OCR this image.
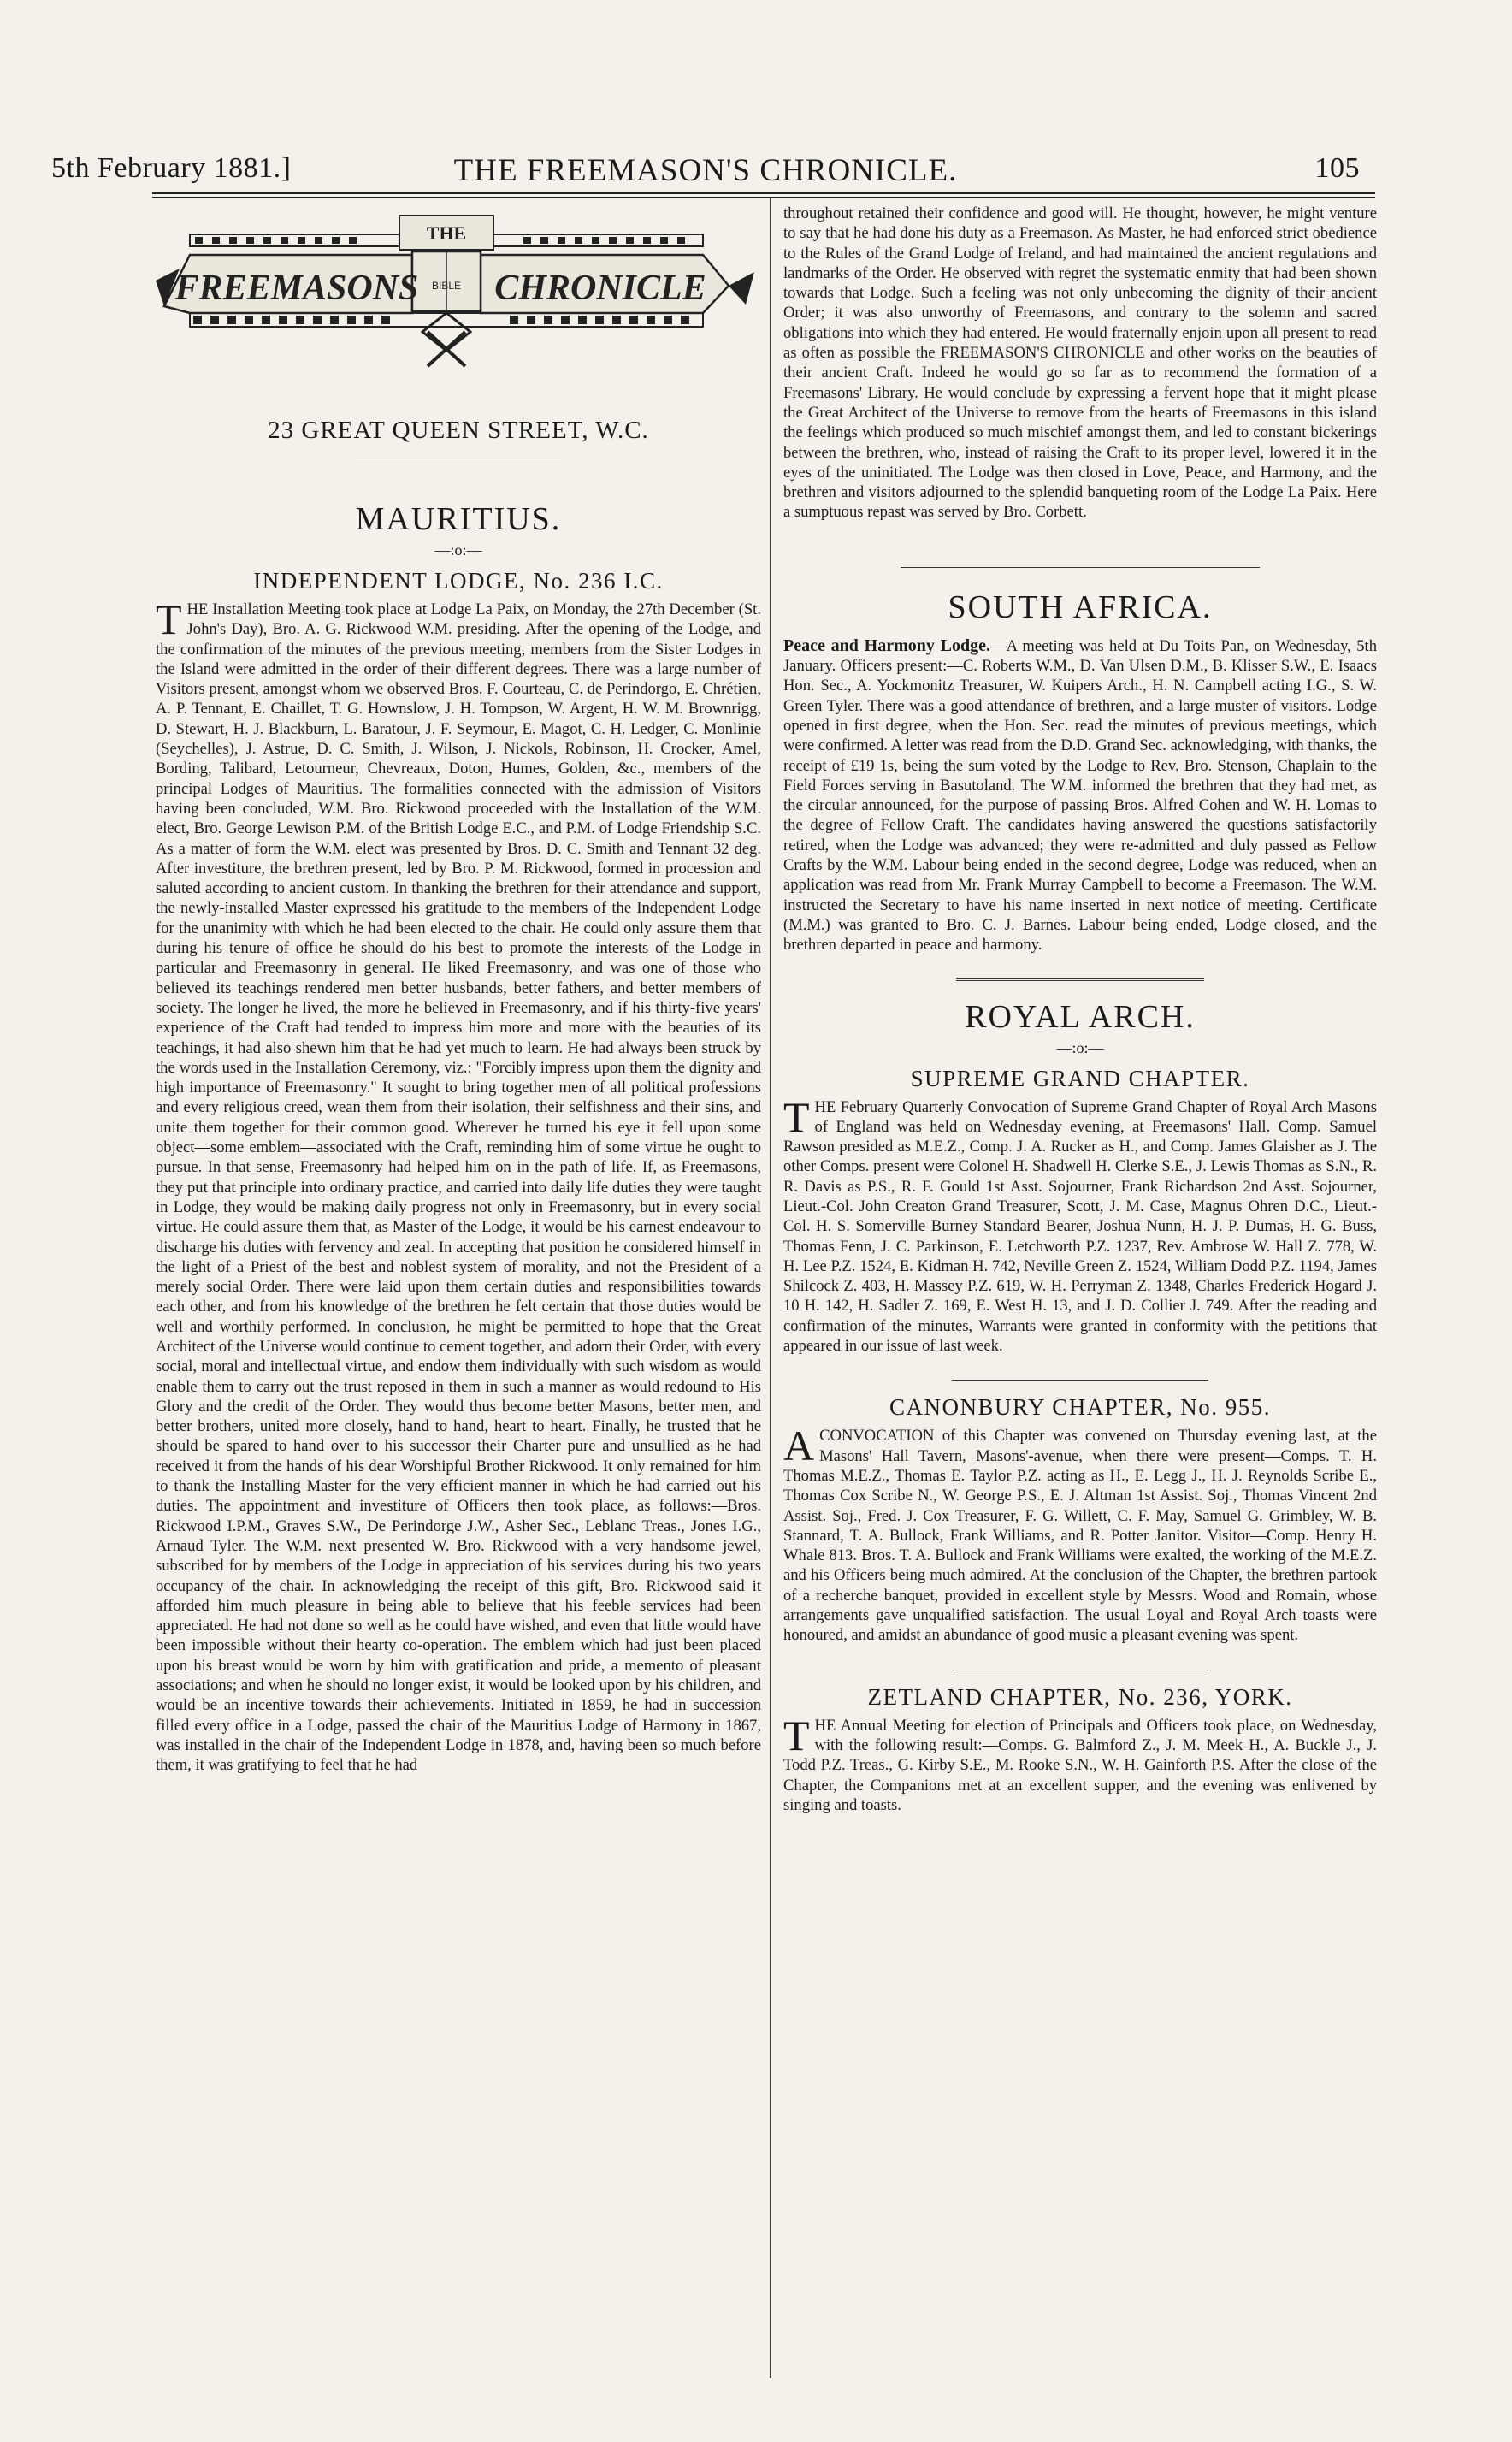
5th February 1881.]	THE FREEMASON'S CHRONICLE.	105
THE
BIBLE
FREEMASONS CHRONICLE
23 GREAT QUEEN STREET, W.C.
MAURITIUS.
—:o:—
INDEPENDENT LODGE, No. 236 I.C.

THE Installation Meeting took place at Lodge La Paix, on Monday, the 27th December (St. John's Day), Bro. A. G. Rickwood W.M. presiding. After the opening of the Lodge, and the confirmation of the minutes of the previous meeting, members from the Sister Lodges in the Island were admitted in the order of their different degrees. There was a large number of Visitors present, amongst whom we observed Bros. F. Courteau, C. de Perindorgo, E. Chrétien, A. P. Tennant, E. Chaillet, T. G. Hownslow, J. H. Tompson, W. Argent, H. W. M. Brownrigg, D. Stewart, H. J. Blackburn, L. Baratour, J. F. Seymour, E. Magot, C. H. Ledger, C. Monlinie (Seychelles), J. Astrue, D. C. Smith, J. Wilson, J. Nickols, Robinson, H. Crocker, Amel, Bording, Talibard, Letourneur, Chevreaux, Doton, Humes, Golden, &c., members of the principal Lodges of Mauritius. The formalities connected with the admission of Visitors having been concluded, W.M. Bro. Rickwood proceeded with the Installation of the W.M. elect, Bro. George Lewison P.M. of the British Lodge E.C., and P.M. of Lodge Friendship S.C. As a matter of form the W.M. elect was presented by Bros. D. C. Smith and Tennant 32 deg. After investiture, the brethren present, led by Bro. P. M. Rickwood, formed in procession and saluted according to ancient custom. In thanking the brethren for their attendance and support, the newly-installed Master expressed his gratitude to the members of the Independent Lodge for the unanimity with which he had been elected to the chair. He could only assure them that during his tenure of office he should do his best to promote the interests of the Lodge in particular and Freemasonry in general. He liked Freemasonry, and was one of those who believed its teachings rendered men better husbands, better fathers, and better members of society. The longer he lived, the more he believed in Freemasonry, and if his thirty-five years' experience of the Craft had tended to impress him more and more with the beauties of its teachings, it had also shewn him that he had yet much to learn. He had always been struck by the words used in the Installation Ceremony, viz.: "Forcibly impress upon them the dignity and high importance of Freemasonry." It sought to bring together men of all political professions and every religious creed, wean them from their isolation, their selfishness and their sins, and unite them together for their common good. Wherever he turned his eye it fell upon some object—some emblem—associated with the Craft, reminding him of some virtue he ought to pursue. In that sense, Freemasonry had helped him on in the path of life. If, as Freemasons, they put that principle into ordinary practice, and carried into daily life duties they were taught in Lodge, they would be making daily progress not only in Freemasonry, but in every social virtue. He could assure them that, as Master of the Lodge, it would be his earnest endeavour to discharge his duties with fervency and zeal. In accepting that position he considered himself in the light of a Priest of the best and noblest system of morality, and not the President of a merely social Order. There were laid upon them certain duties and responsibilities towards each other, and from his knowledge of the brethren he felt certain that those duties would be well and worthily performed. In conclusion, he might be permitted to hope that the Great Architect of the Universe would continue to cement together, and adorn their Order, with every social, moral and intellectual virtue, and endow them individually with such wisdom as would enable them to carry out the trust reposed in them in such a manner as would redound to His Glory and the credit of the Order. They would thus become better Masons, better men, and better brothers, united more closely, hand to hand, heart to heart. Finally, he trusted that he should be spared to hand over to his successor their Charter pure and unsullied as he had received it from the hands of his dear Worshipful Brother Rickwood. It only remained for him to thank the Installing Master for the very efficient manner in which he had carried out his duties. The appointment and investiture of Officers then took place, as follows:—Bros. Rickwood I.P.M., Graves S.W., De Perindorge J.W., Asher Sec., Leblanc Treas., Jones I.G., Arnaud Tyler. The W.M. next presented W. Bro. Rickwood with a very handsome jewel, subscribed for by members of the Lodge in appreciation of his services during his two years occupancy of the chair. In acknowledging the receipt of this gift, Bro. Rickwood said it afforded him much pleasure in being able to believe that his feeble services had been appreciated. He had not done so well as he could have wished, and even that little would have been impossible without their hearty co-operation. The emblem which had just been placed upon his breast would be worn by him with gratification and pride, a memento of pleasant associations; and when he should no longer exist, it would be looked upon by his children, and would be an incentive towards their achievements. Initiated in 1859, he had in succession filled every office in a Lodge, passed the chair of the Mauritius Lodge of Harmony in 1867, was installed in the chair of the Independent Lodge in 1878, and, having been so much before them, it was gratifying to feel that he had

throughout retained their confidence and good will. He thought, however, he might venture to say that he had done his duty as a Freemason. As Master, he had enforced strict obedience to the Rules of the Grand Lodge of Ireland, and had maintained the ancient regulations and landmarks of the Order. He observed with regret the systematic enmity that had been shown towards that Lodge. Such a feeling was not only unbecoming the dignity of their ancient Order; it was also unworthy of Freemasons, and contrary to the solemn and sacred obligations into which they had entered. He would fraternally enjoin upon all present to read as often as possible the FREEMASON'S CHRONICLE and other works on the beauties of their ancient Craft. Indeed he would go so far as to recommend the formation of a Freemasons' Library. He would conclude by expressing a fervent hope that it might please the Great Architect of the Universe to remove from the hearts of Freemasons in this island the feelings which produced so much mischief amongst them, and led to constant bickerings between the brethren, who, instead of raising the Craft to its proper level, lowered it in the eyes of the uninitiated. The Lodge was then closed in Love, Peace, and Harmony, and the brethren and visitors adjourned to the splendid banqueting room of the Lodge La Paix. Here a sumptuous repast was served by Bro. Corbett.

SOUTH AFRICA.

Peace and Harmony Lodge.—A meeting was held at Du Toits Pan, on Wednesday, 5th January. Officers present:—C. Roberts W.M., D. Van Ulsen D.M., B. Klisser S.W., E. Isaacs Hon. Sec., A. Yockmonitz Treasurer, W. Kuipers Arch., H. N. Campbell acting I.G., S. W. Green Tyler. There was a good attendance of brethren, and a large muster of visitors. Lodge opened in first degree, when the Hon. Sec. read the minutes of previous meetings, which were confirmed. A letter was read from the D.D. Grand Sec. acknowledging, with thanks, the receipt of £19 1s, being the sum voted by the Lodge to Rev. Bro. Stenson, Chaplain to the Field Forces serving in Basutoland. The W.M. informed the brethren that they had met, as the circular announced, for the purpose of passing Bros. Alfred Cohen and W. H. Lomas to the degree of Fellow Craft. The candidates having answered the questions satisfactorily retired, when the Lodge was advanced; they were re-admitted and duly passed as Fellow Crafts by the W.M. Labour being ended in the second degree, Lodge was reduced, when an application was read from Mr. Frank Murray Campbell to become a Freemason. The W.M. instructed the Secretary to have his name inserted in next notice of meeting. Certificate (M.M.) was granted to Bro. C. J. Barnes. Labour being ended, Lodge closed, and the brethren departed in peace and harmony.

ROYAL ARCH.
—:o:—
SUPREME GRAND CHAPTER.

THE February Quarterly Convocation of Supreme Grand Chapter of Royal Arch Masons of England was held on Wednesday evening, at Freemasons' Hall. Comp. Samuel Rawson presided as M.E.Z., Comp. J. A. Rucker as H., and Comp. James Glaisher as J. The other Comps. present were Colonel H. Shadwell H. Clerke S.E., J. Lewis Thomas as S.N., R. R. Davis as P.S., R. F. Gould 1st Asst. Sojourner, Frank Richardson 2nd Asst. Sojourner, Lieut.-Col. John Creaton Grand Treasurer, Scott, J. M. Case, Magnus Ohren D.C., Lieut.-Col. H. S. Somerville Burney Standard Bearer, Joshua Nunn, H. J. P. Dumas, H. G. Buss, Thomas Fenn, J. C. Parkinson, E. Letchworth P.Z. 1237, Rev. Ambrose W. Hall Z. 778, W. H. Lee P.Z. 1524, E. Kidman H. 742, Neville Green Z. 1524, William Dodd P.Z. 1194, James Shilcock Z. 403, H. Massey P.Z. 619, W. H. Perryman Z. 1348, Charles Frederick Hogard J. 10 H. 142, H. Sadler Z. 169, E. West H. 13, and J. D. Collier J. 749. After the reading and confirmation of the minutes, Warrants were granted in conformity with the petitions that appeared in our issue of last week.

CANONBURY CHAPTER, No. 955.

ACONVOCATION of this Chapter was convened on Thursday evening last, at the Masons' Hall Tavern, Masons'-avenue, when there were present—Comps. T. H. Thomas M.E.Z., Thomas E. Taylor P.Z. acting as H., E. Legg J., H. J. Reynolds Scribe E., Thomas Cox Scribe N., W. George P.S., E. J. Altman 1st Assist. Soj., Thomas Vincent 2nd Assist. Soj., Fred. J. Cox Treasurer, F. G. Willett, C. F. May, Samuel G. Grimbley, W. B. Stannard, T. A. Bullock, Frank Williams, and R. Potter Janitor. Visitor—Comp. Henry H. Whale 813. Bros. T. A. Bullock and Frank Williams were exalted, the working of the M.E.Z. and his Officers being much admired. At the conclusion of the Chapter, the brethren partook of a recherche banquet, provided in excellent style by Messrs. Wood and Romain, whose arrangements gave unqualified satisfaction. The usual Loyal and Royal Arch toasts were honoured, and amidst an abundance of good music a pleasant evening was spent.

ZETLAND CHAPTER, No. 236, YORK.

THE Annual Meeting for election of Principals and Officers took place, on Wednesday, with the following result:—Comps. G. Balmford Z., J. M. Meek H., A. Buckle J., J. Todd P.Z. Treas., G. Kirby S.E., M. Rooke S.N., W. H. Gainforth P.S. After the close of the Chapter, the Companions met at an excellent supper, and the evening was enlivened by singing and toasts.
